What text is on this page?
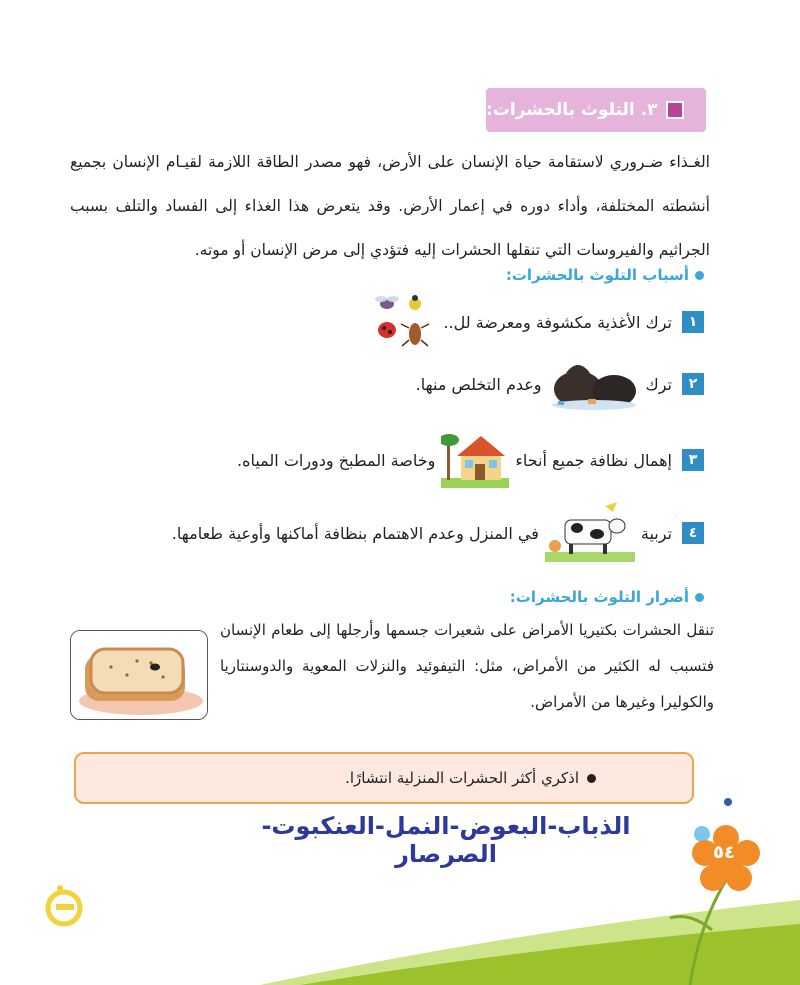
٣. التلوث بالحشرات:
الغـذاء ضـروري لاستقامة حياة الإنسان على الأرض، فهو مصدر الطاقة اللازمة لقيـام الإنسان بجميع أنشطته المختلفة، وأداء دوره في إعمار الأرض. وقد يتعرض هذا الغذاء إلى الفساد والتلف بسبب الجراثيم والفيروسات التي تنقلها الحشرات إليه فتؤدي إلى مرض الإنسان أو موته.
أسباب التلوث بالحشرات:
١
ترك الأغذية مكشوفة ومعرضة لل..
٢
ترك
وعدم التخلص منها.
٣
إهمال نظافة جميع أنحاء
وخاصة المطبخ ودورات المياه.
٤
تربية
في المنزل وعدم الاهتمام بنظافة أماكنها وأوعية طعامها.
أضرار التلوث بالحشرات:
تنقل الحشرات بكتيريا الأمراض على شعيرات جسمها وأرجلها إلى طعام الإنسان فتسبب له الكثير من الأمراض، مثل: التيفوئيد والنزلات المعوية والدوسنتاريا والكوليرا وغيرها من الأمراض.
اذكري أكثر الحشرات المنزلية انتشارًا.
الذباب-البعوض-النمل-العنكبوت-الصرصار	٥٤
